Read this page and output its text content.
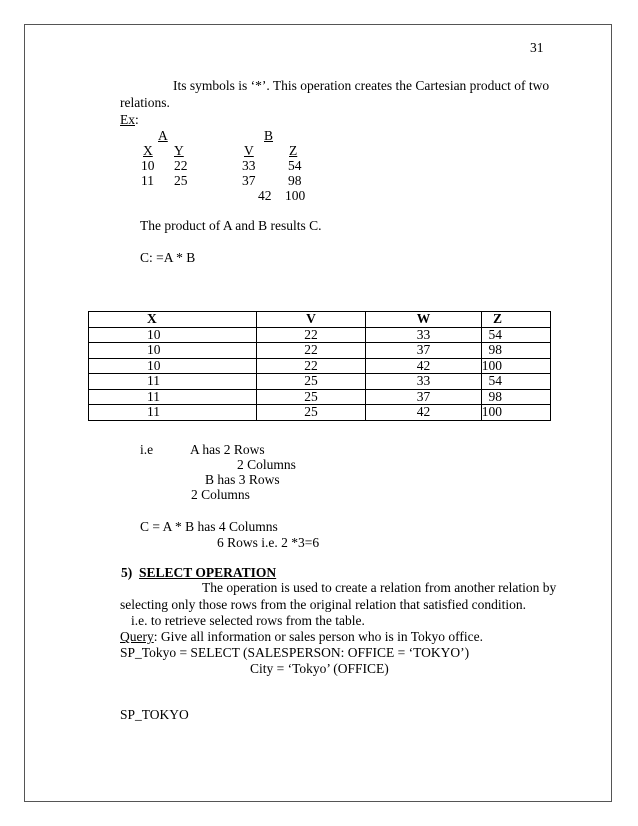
31
Its symbols is ‘*’. This operation creates the Cartesian product of two
relations.
Ex:
A
X Y
10 22
11 25
B
V	Z
33 54
37 98
42 100
The product of A and B results C.
C: =A * B
X	V	W	Z
10	22	33	54
10	22	37	98
10	22	42	100
11	25	33	54
11	25	37	98
11	25	42	100
i.e	A has 2 Rows
2 Columns
B has 3 Rows
2 Columns
C = A * B has 4 Columns
6 Rows i.e. 2 *3=6
5) SELECT OPERATION
The operation is used to create a relation from another relation by
selecting only those rows from the original relation that satisfied condition.
i.e. to retrieve selected rows from the table.
Query: Give all information or sales person who is in Tokyo office.
SP_Tokyo = SELECT (SALESPERSON: OFFICE = ‘TOKYO’)
City = ‘Tokyo’ (OFFICE)
SP_TOKYO
